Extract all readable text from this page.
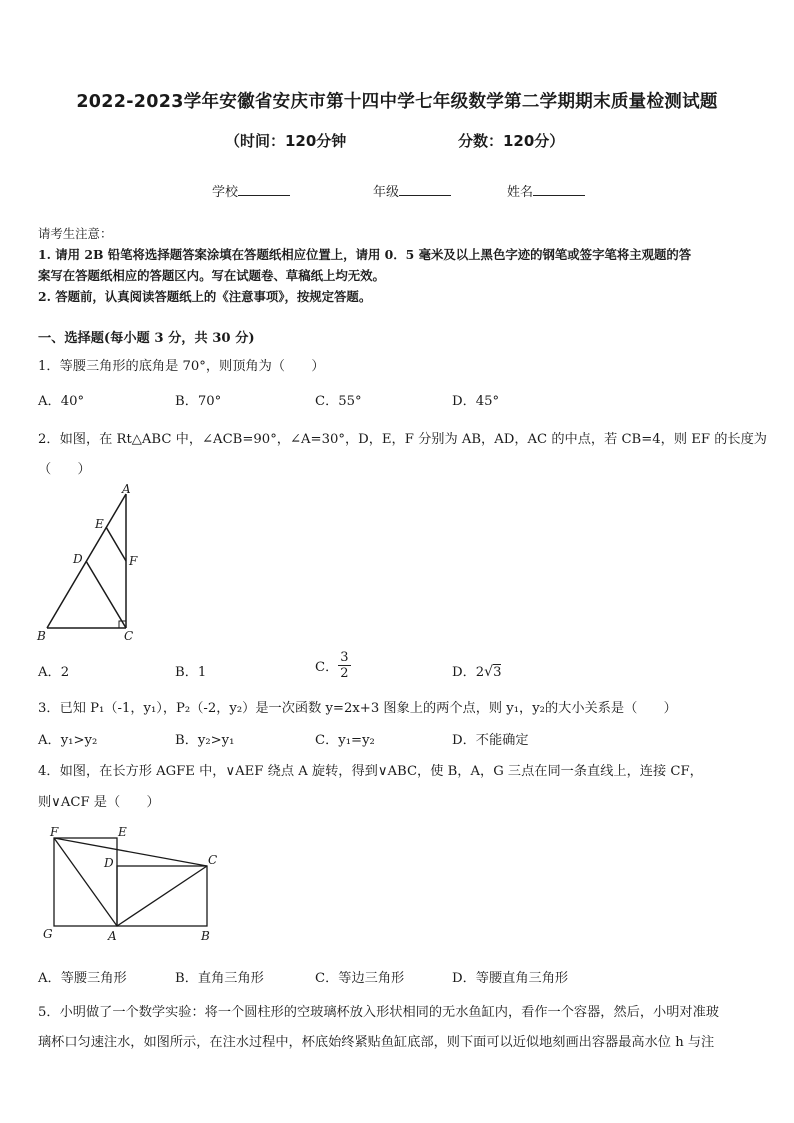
2022-2023学年安徽省安庆市第十四中学七年级数学第二学期期末质量检测试题
（时间：120分钟	分数：120分）
学校	年级	姓名
请考生注意：
1. 请用 2B 铅笔将选择题答案涂填在答题纸相应位置上，请用 0．5 毫米及以上黑色字迹的钢笔或签字笔将主观题的答
案写在答题纸相应的答题区内。写在试题卷、草稿纸上均无效。
2. 答题前，认真阅读答题纸上的《注意事项》，按规定答题。
一、选择题(每小题 3 分，共 30 分)
1．等腰三角形的底角是 70°，则顶角为（　　）
A．40°	B．70°	C．55°	D．45°
2．如图，在 Rt△ABC 中，∠ACB=90°，∠A=30°，D，E，F 分别为 AB，AD，AC 的中点，若 CB=4，则 EF 的长度为
（　　）
A
E
D	F
B	C
A．2	B．1	C． $\frac{3}{2}$	D．2√3
3．已知 P₁（-1，y₁），P₂（-2，y₂）是一次函数 y=2x+3 图象上的两个点，则 y₁，y₂的大小关系是（　　）
A．y₁>y₂	B．y₂>y₁	C．y₁=y₂	D．不能确定
4．如图，在长方形 AGFE 中，∨AEF 绕点 A 旋转，得到∨ABC，使 B，A，G 三点在同一条直线上，连接 CF，
则∨ACF 是（　　）
F	E
D	C
G	A	B
A．等腰三角形	B．直角三角形	C．等边三角形	D．等腰直角三角形
5．小明做了一个数学实验：将一个圆柱形的空玻璃杯放入形状相同的无水鱼缸内，看作一个容器，然后，小明对准玻
璃杯口匀速注水，如图所示，在注水过程中，杯底始终紧贴鱼缸底部，则下面可以近似地刻画出容器最高水位 h 与注
